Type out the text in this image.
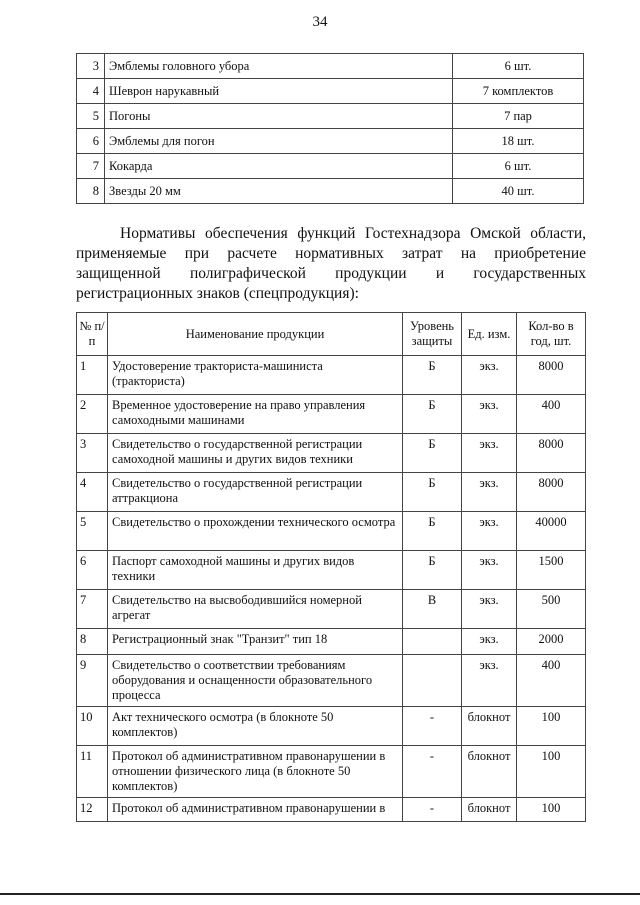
34
3	Эмблемы головного убора	6 шт.
4	Шеврон нарукавный	7 комплектов
5	Погоны	7 пар
6	Эмблемы для погон	18 шт.
7	Кокарда	6 шт.
8	Звезды 20 мм	40 шт.

Нормативы обеспечения функций Гостехнадзора Омской области, применяемые при расчете нормативных затрат на приобретение защищенной полиграфической продукции и государственных регистрационных знаков (спецпродукция):

№ п/п	Наименование продукции	Уровень защиты	Ед. изм.	Кол-во в год, шт.
1	Удостоверение тракториста-машиниста (тракториста)	Б	экз.	8000
2	Временное удостоверение на право управления самоходными машинами	Б	экз.	400
3	Свидетельство о государственной регистрации самоходной машины и других видов техники	Б	экз.	8000
4	Свидетельство о государственной регистрации аттракциона	Б	экз.	8000
5	Свидетельство о прохождении технического осмотра	Б	экз.	40000
6	Паспорт самоходной машины и других видов техники	Б	экз.	1500
7	Свидетельство на высвободившийся номерной агрегат	В	экз.	500
8	Регистрационный знак "Транзит" тип 18		экз.	2000
9	Свидетельство о соответствии требованиям оборудования и оснащенности образовательного процесса		экз.	400
10	Акт технического осмотра (в блокноте 50 комплектов)	-	блокнот	100
11	Протокол об административном правонарушении в отношении физического лица (в блокноте 50 комплектов)	-	блокнот	100
12	Протокол об административном правонарушении в	-	блокнот	100
